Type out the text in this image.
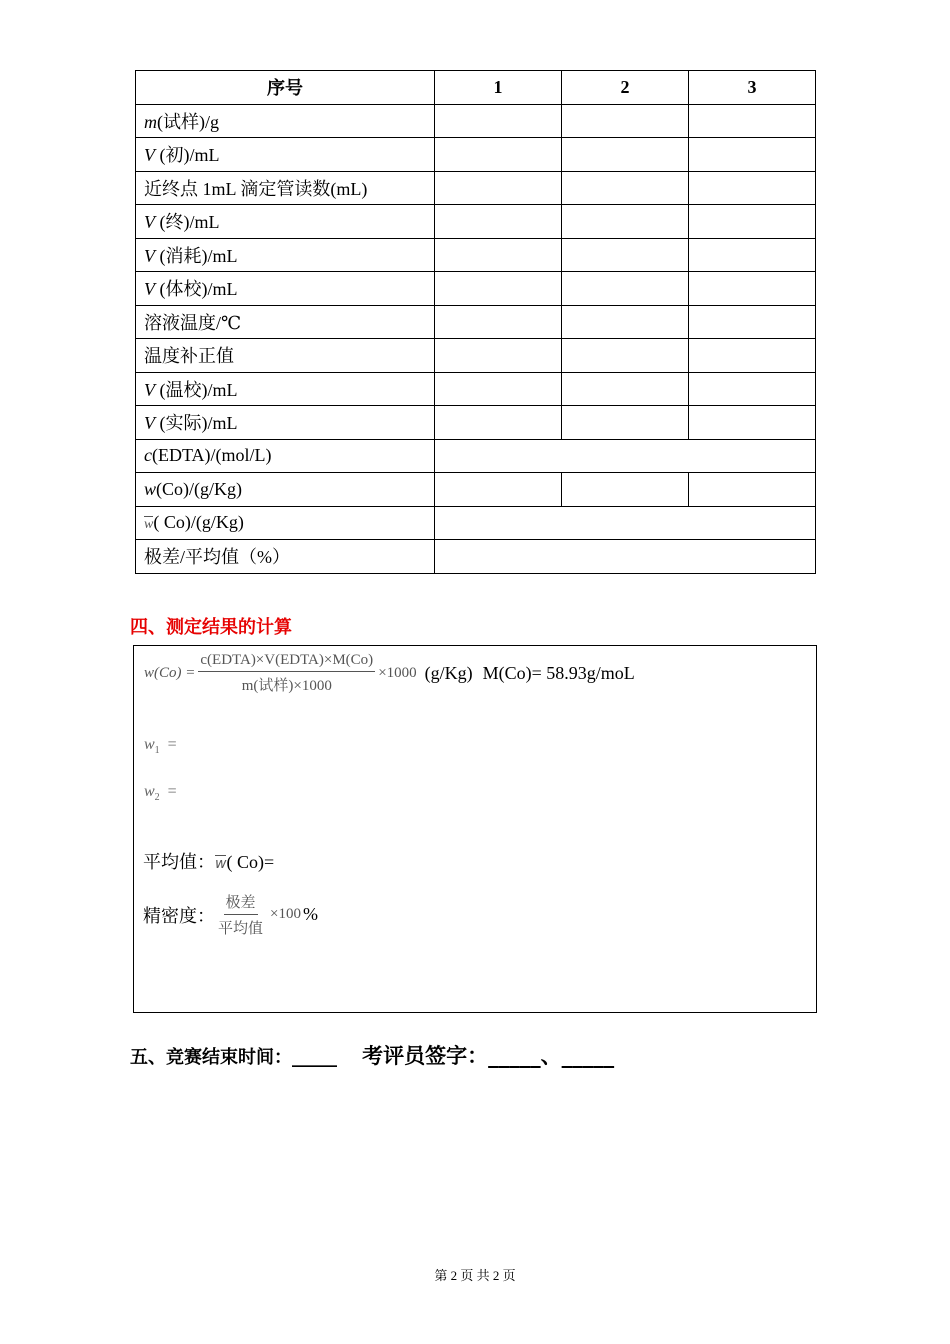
序号	1	2	3
m(试样)/g			
V (初)/mL			
近终点 1mL 滴定管读数(mL)			
V (终)/mL			
V (消耗)/mL			
V (体校)/mL			
溶液温度/℃			
温度补正值			
V (温校)/mL			
V (实际)/mL			
c(EDTA)/(mol/L)			
w(Co)/(g/Kg)			
w( Co)/(g/Kg)			
极差/平均值（%）			
四、测定结果的计算
$w(Co) = \frac{\text{c(EDTA)×V(EDTA)×M(Co)}}{\text{m(试样)×1000}} \times 1000$ (g/Kg) M(Co)= 58.93g/moL
$w_1$ =
$w_2$ =
平均值：w( Co)=
精密度： $\frac{\text{极差}}{\text{平均值}} \times 100$ %
五、竞赛结束时间：_____ 考评员签字：_____、_____
第 2 页 共 2 页
